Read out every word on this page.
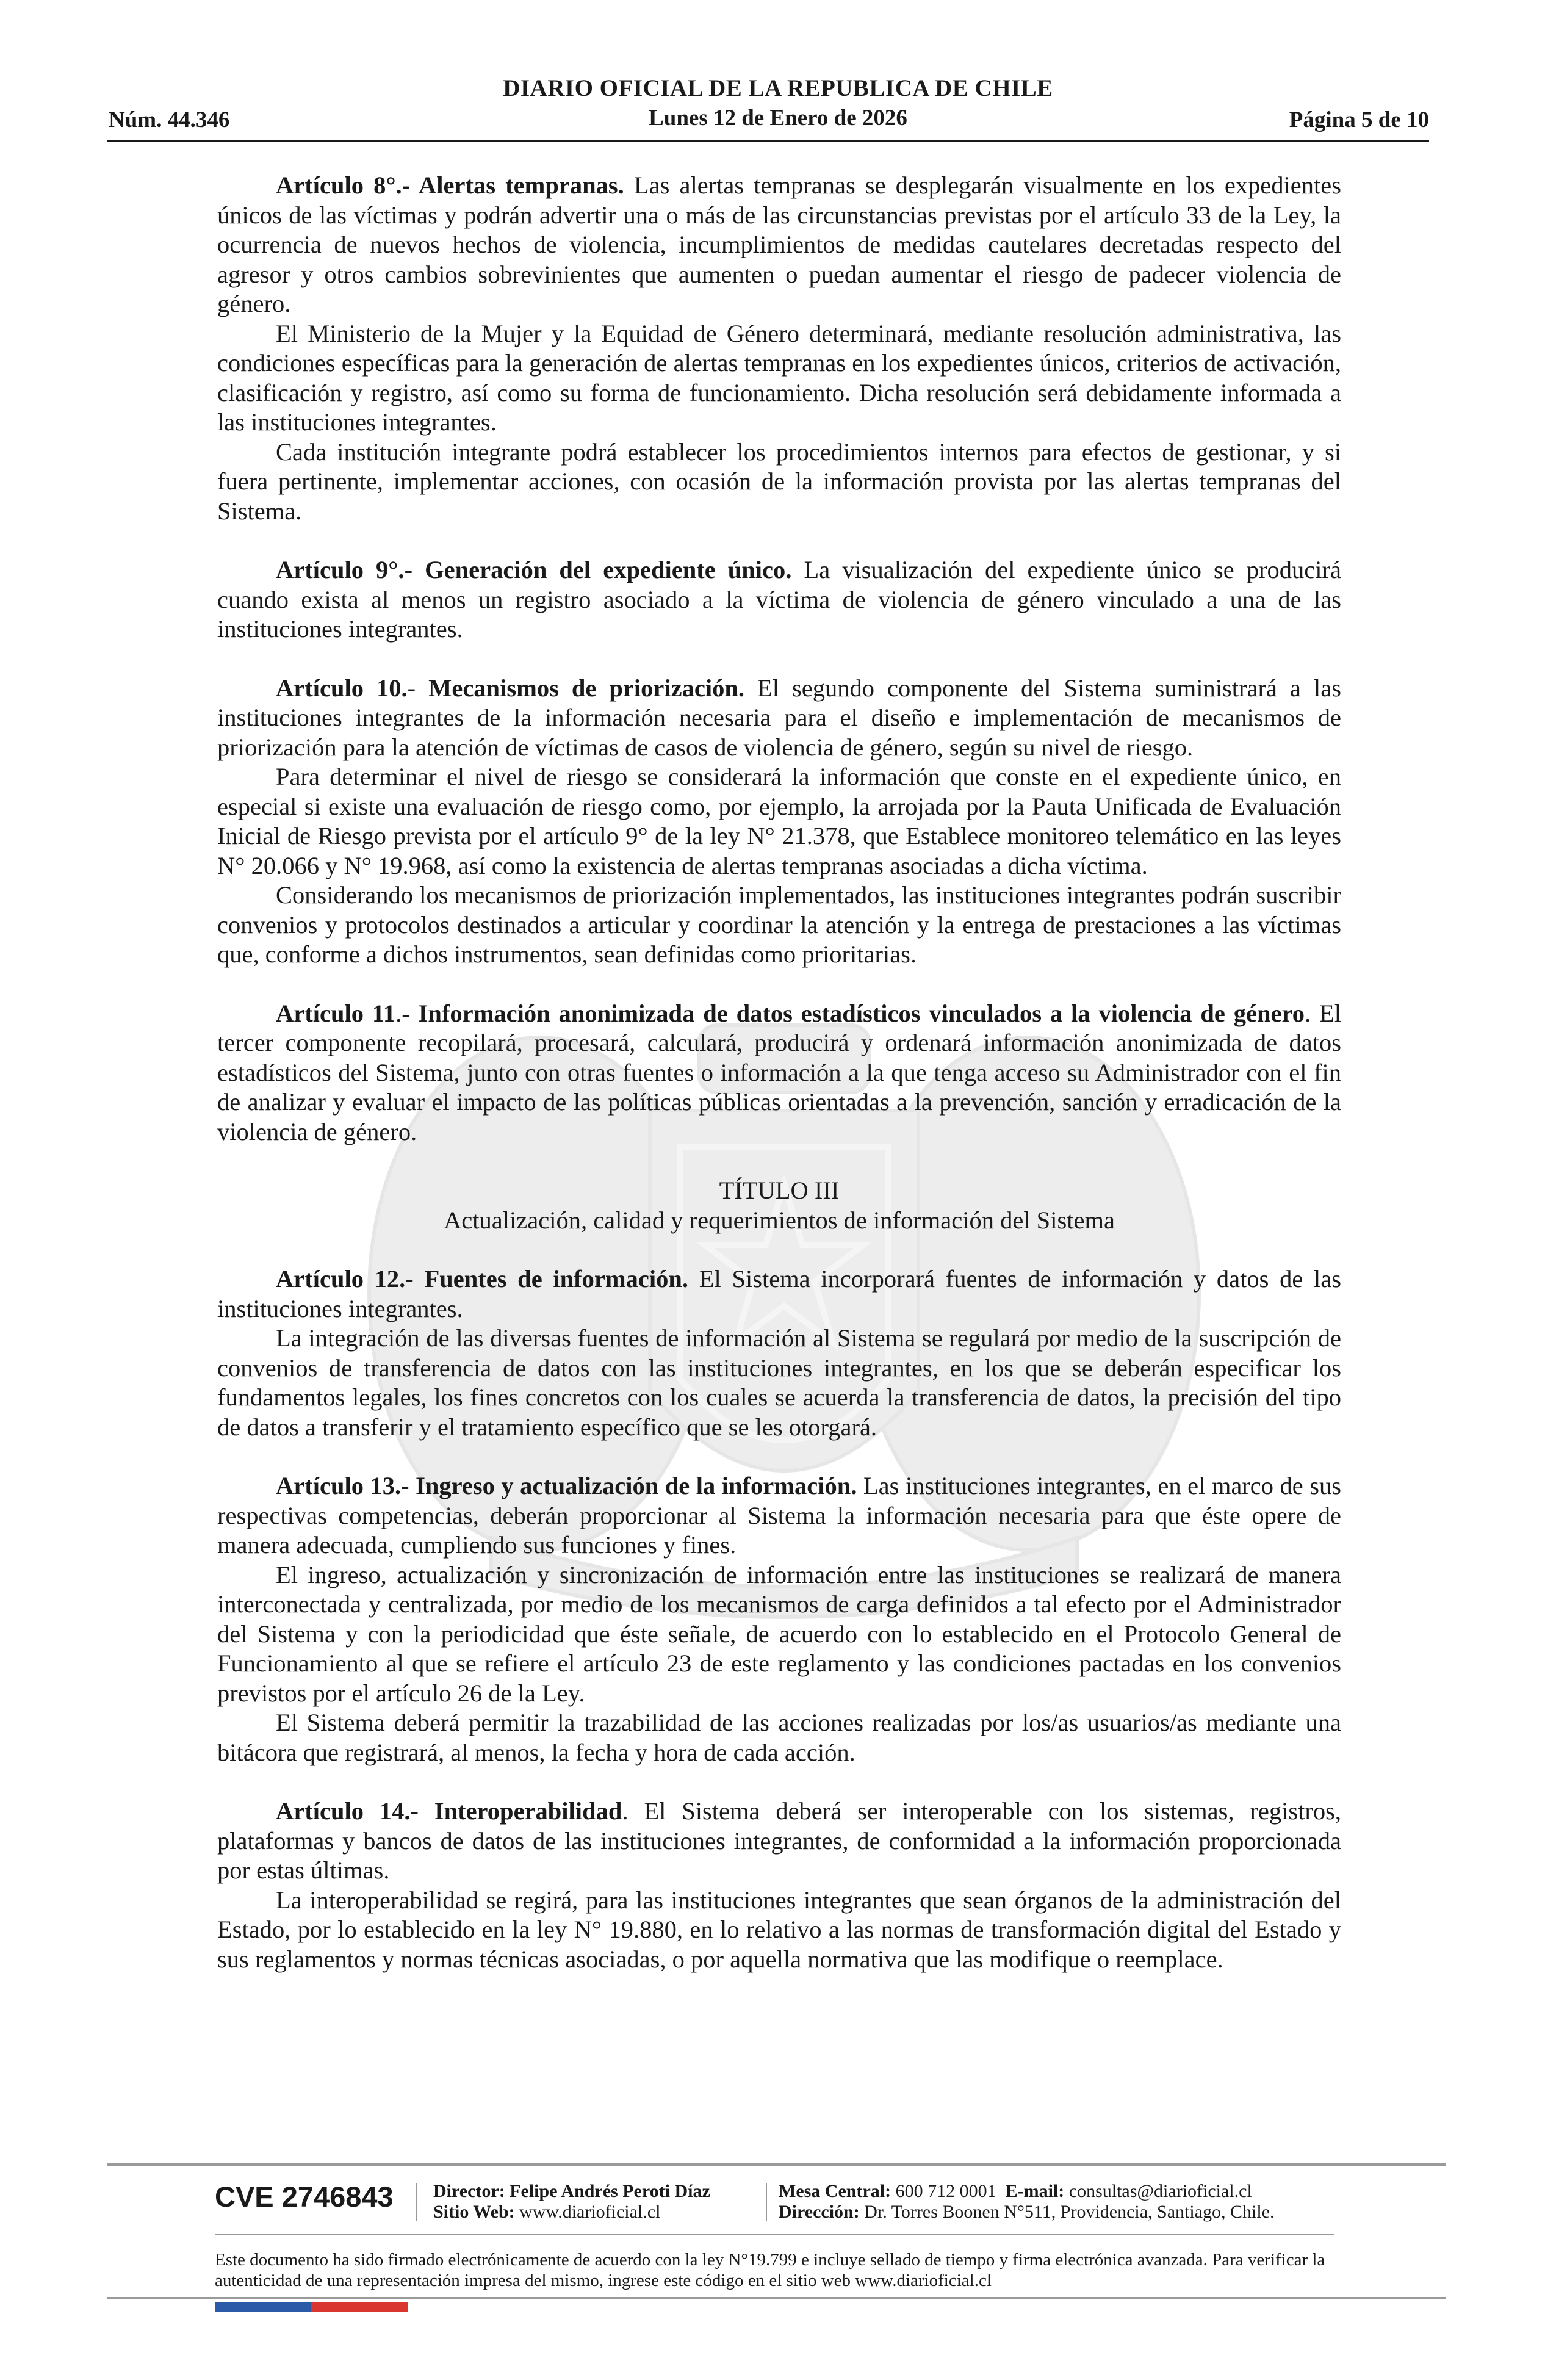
DIARIO OFICIAL DE LA REPUBLICA DE CHILE
Núm. 44.346	Lunes 12 de Enero de 2026	Página 5 de 10

Artículo 8°.- Alertas tempranas. Las alertas tempranas se desplegarán visualmente en los expedientes únicos de las víctimas y podrán advertir una o más de las circunstancias previstas por el artículo 33 de la Ley, la ocurrencia de nuevos hechos de violencia, incumplimientos de medidas cautelares decretadas respecto del agresor y otros cambios sobrevinientes que aumenten o puedan aumentar el riesgo de padecer violencia de género.

El Ministerio de la Mujer y la Equidad de Género determinará, mediante resolución administrativa, las condiciones específicas para la generación de alertas tempranas en los expedientes únicos, criterios de activación, clasificación y registro, así como su forma de funcionamiento. Dicha resolución será debidamente informada a las instituciones integrantes.

Cada institución integrante podrá establecer los procedimientos internos para efectos de gestionar, y si fuera pertinente, implementar acciones, con ocasión de la información provista por las alertas tempranas del Sistema.

Artículo 9°.- Generación del expediente único. La visualización del expediente único se producirá cuando exista al menos un registro asociado a la víctima de violencia de género vinculado a una de las instituciones integrantes.

Artículo 10.- Mecanismos de priorización. El segundo componente del Sistema suministrará a las instituciones integrantes de la información necesaria para el diseño e implementación de mecanismos de priorización para la atención de víctimas de casos de violencia de género, según su nivel de riesgo.

Para determinar el nivel de riesgo se considerará la información que conste en el expediente único, en especial si existe una evaluación de riesgo como, por ejemplo, la arrojada por la Pauta Unificada de Evaluación Inicial de Riesgo prevista por el artículo 9° de la ley N° 21.378, que Establece monitoreo telemático en las leyes N° 20.066 y N° 19.968, así como la existencia de alertas tempranas asociadas a dicha víctima.

Considerando los mecanismos de priorización implementados, las instituciones integrantes podrán suscribir convenios y protocolos destinados a articular y coordinar la atención y la entrega de prestaciones a las víctimas que, conforme a dichos instrumentos, sean definidas como prioritarias.

Artículo 11.- Información anonimizada de datos estadísticos vinculados a la violencia de género. El tercer componente recopilará, procesará, calculará, producirá y ordenará información anonimizada de datos estadísticos del Sistema, junto con otras fuentes o información a la que tenga acceso su Administrador con el fin de analizar y evaluar el impacto de las políticas públicas orientadas a la prevención, sanción y erradicación de la violencia de género.

TÍTULO III

Actualización, calidad y requerimientos de información del Sistema

Artículo 12.- Fuentes de información. El Sistema incorporará fuentes de información y datos de las instituciones integrantes.

La integración de las diversas fuentes de información al Sistema se regulará por medio de la suscripción de convenios de transferencia de datos con las instituciones integrantes, en los que se deberán especificar los fundamentos legales, los fines concretos con los cuales se acuerda la transferencia de datos, la precisión del tipo de datos a transferir y el tratamiento específico que se les otorgará.

Artículo 13.- Ingreso y actualización de la información. Las instituciones integrantes, en el marco de sus respectivas competencias, deberán proporcionar al Sistema la información necesaria para que éste opere de manera adecuada, cumpliendo sus funciones y fines.

El ingreso, actualización y sincronización de información entre las instituciones se realizará de manera interconectada y centralizada, por medio de los mecanismos de carga definidos a tal efecto por el Administrador del Sistema y con la periodicidad que éste señale, de acuerdo con lo establecido en el Protocolo General de Funcionamiento al que se refiere el artículo 23 de este reglamento y las condiciones pactadas en los convenios previstos por el artículo 26 de la Ley.

El Sistema deberá permitir la trazabilidad de las acciones realizadas por los/as usuarios/as mediante una bitácora que registrará, al menos, la fecha y hora de cada acción.

Artículo 14.- Interoperabilidad. El Sistema deberá ser interoperable con los sistemas, registros, plataformas y bancos de datos de las instituciones integrantes, de conformidad a la información proporcionada por estas últimas.

La interoperabilidad se regirá, para las instituciones integrantes que sean órganos de la administración del Estado, por lo establecido en la ley N° 19.880, en lo relativo a las normas de transformación digital del Estado y sus reglamentos y normas técnicas asociadas, o por aquella normativa que las modifique o reemplace.

CVE 2746843 Director: Felipe Andrés Peroti Díaz
Sitio Web: www.diarioficial.cl
Mesa Central: 600 712 0001 E-mail: consultas@diarioficial.cl
Dirección: Dr. Torres Boonen N°511, Providencia, Santiago, Chile.
Este documento ha sido firmado electrónicamente de acuerdo con la ley N°19.799 e incluye sellado de tiempo y firma electrónica avanzada. Para verificar la autenticidad de una representación impresa del mismo, ingrese este código en el sitio web www.diarioficial.cl
